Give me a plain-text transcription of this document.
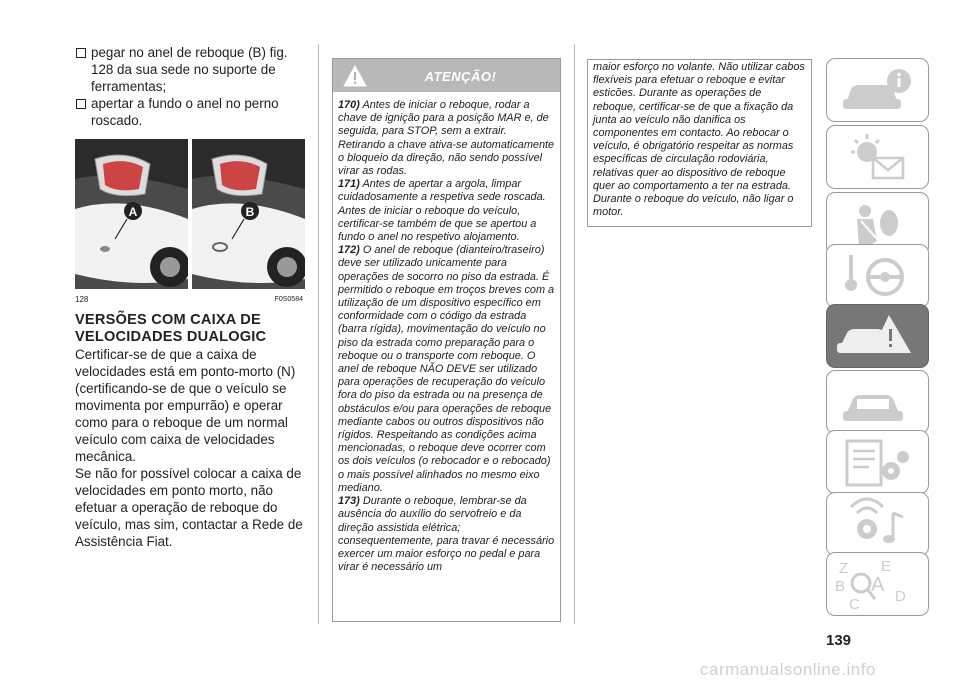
pegar no anel de reboque (B) fig. 128 da sua sede no suporte de ferramentas;
apertar a fundo o anel no perno roscado.
A	B
128	F0S0584
VERSÕES COM CAIXA DE VELOCIDADES DUALOGIC

Certificar-se de que a caixa de velocidades está em ponto-morto (N) (certificando-se de que o veículo se movimenta por empurrão) e operar como para o reboque de um normal veículo com caixa de velocidades mecânica.

Se não for possível colocar a caixa de velocidades em ponto morto, não efetuar a operação de reboque do veículo, mas sim, contactar a Rede de Assistência Fiat.

ATENÇÃO!
170) Antes de iniciar o reboque, rodar a chave de ignição para a posição MAR e, de seguida, para STOP, sem a extrair. Retirando a chave ativa-se automaticamente o bloqueio da direção, não sendo possível virar as rodas.
171) Antes de apertar a argola, limpar cuidadosamente a respetiva sede roscada. Antes de iniciar o reboque do veículo, certificar-se também de que se apertou a fundo o anel no respetivo alojamento.
172) O anel de reboque (dianteiro/traseiro) deve ser utilizado unicamente para operações de socorro no piso da estrada. É permitido o reboque em troços breves com a utilização de um dispositivo específico em conformidade com o código da estrada (barra rígida), movimentação do veículo no piso da estrada como preparação para o reboque ou o transporte com reboque. O anel de reboque NÃO DEVE ser utilizado para operações de recuperação do veículo fora do piso da estrada ou na presença de obstáculos e/ou para operações de reboque mediante cabos ou outros dispositivos não rígidos. Respeitando as condições acima mencionadas, o reboque deve ocorrer com os dois veículos (o rebocador e o rebocado) o mais possível alinhados no mesmo eixo mediano.
173) Durante o reboque, lembrar-se da ausência do auxílio do servofreio e da direção assistida elétrica; consequentemente, para travar é necessário exercer um maior esforço no pedal e para virar é necessário um
maior esforço no volante. Não utilizar cabos flexíveis para efetuar o reboque e evitar esticões. Durante as operações de reboque, certificar-se de que a fixação da junta ao veículo não danifica os componentes em contacto. Ao rebocar o veículo, é obrigatório respeitar as normas específicas de circulação rodoviária, relativas quer ao dispositivo de reboque quer ao comportamento a ter na estrada. Durante o reboque do veículo, não ligar o motor.
Z E
B A
C D
139
carmanualsonline.info
